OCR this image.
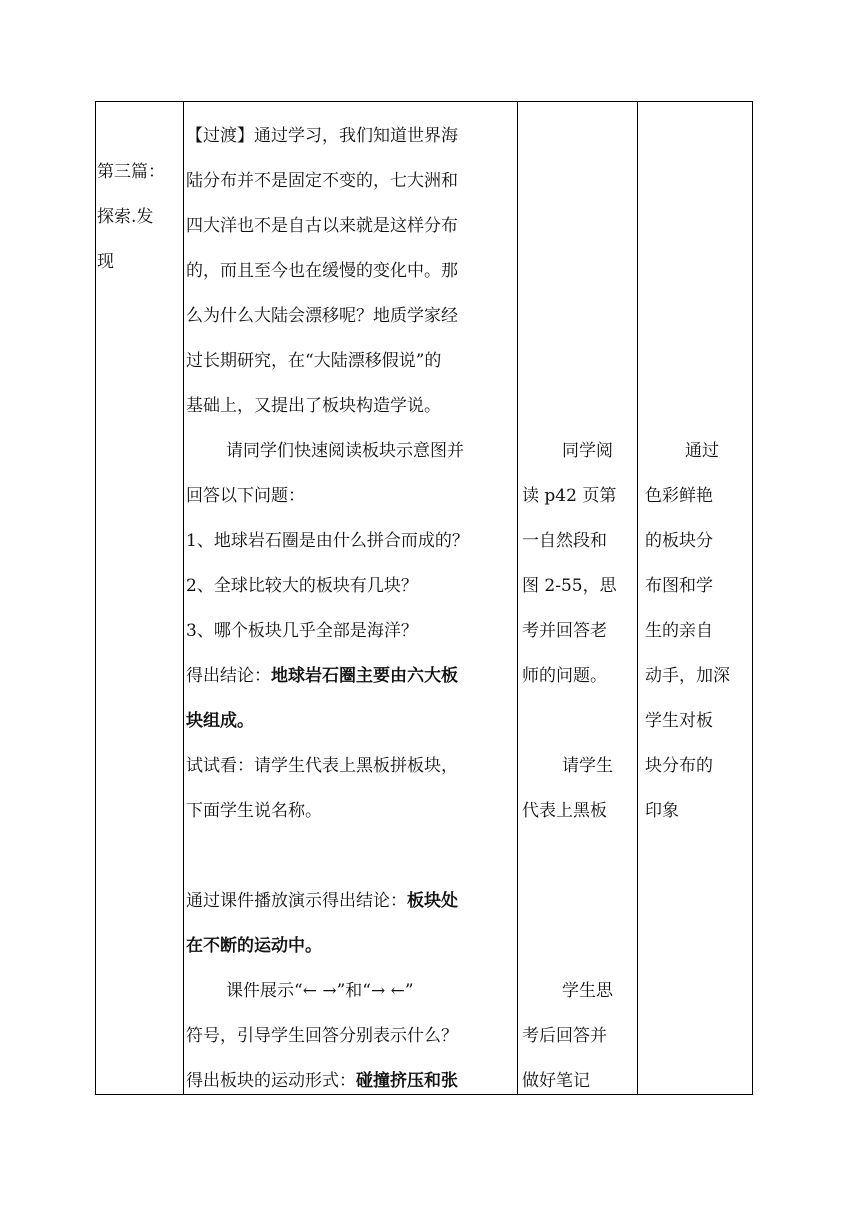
第三篇：

探索.发

现

【过渡】通过学习，我们知道世界海

陆分布并不是固定不变的，七大洲和

四大洋也不是自古以来就是这样分布

的，而且至今也在缓慢的变化中。那

么为什么大陆会漂移呢？地质学家经

过长期研究，在“大陆漂移假说”的

基础上，又提出了板块构造学说。

请同学们快速阅读板块示意图并

回答以下问题：

1、地球岩石圈是由什么拼合而成的？

2、全球比较大的板块有几块？

3、哪个板块几乎全部是海洋？

得出结论：地球岩石圈主要由六大板

块组成。

试试看：请学生代表上黑板拼板块，

下面学生说名称。

通过课件播放演示得出结论：板块处

在不断的运动中。

课件展示“← →”和“→ ←”

符号，引导学生回答分别表示什么？

得出板块的运动形式：碰撞挤压和张

同学阅

读 p42 页第

一自然段和

图 2-55，思

考并回答老

师的问题。

请学生

代表上黑板

学生思

考后回答并

做好笔记

通过

色彩鲜艳

的板块分

布图和学

生的亲自

动手，加深

学生对板

块分布的

印象
